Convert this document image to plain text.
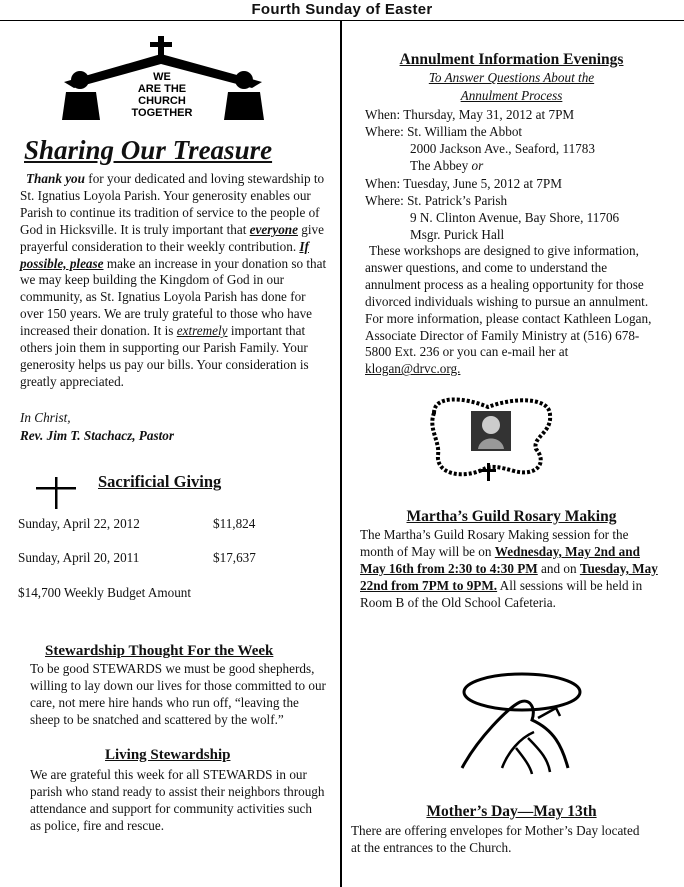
Fourth Sunday of Easter
WE
ARE THE
CHURCH
TOGETHER
Sharing Our Treasure
Thank you for your dedicated and loving stewardship to St. Ignatius Loyola Parish. Your generosity enables our Parish to continue its tradition of service to the people of God in Hicksville. It is truly important that everyone give prayerful consideration to their weekly contribution. If possible, please make an increase in your donation so that we may keep building the Kingdom of God in our community, as St. Ignatius Loyola Parish has done for over 150 years. We are truly grateful to those who have increased their donation. It is extremely important that others join them in supporting our Parish Family. Your generosity helps us pay our bills. Your consideration is greatly appreciated.
In Christ,
Rev. Jim T. Stachacz, Pastor
Sacrificial Giving
Sunday, April 22, 2012	$11,824
Sunday, April 20, 2011	$17,637
$14,700 Weekly Budget Amount
Stewardship Thought For the Week
To be good STEWARDS we must be good shepherds, willing to lay down our lives for those committed to our care, not mere hire hands who run off, “leaving the sheep to be snatched and scattered by the wolf.”
Living Stewardship
We are grateful this week for all STEWARDS in our parish who stand ready to assist their neighbors through attendance and support for community activities such as police, fire and rescue.
Annulment Information Evenings
To Answer Questions About the
Annulment Process
When: Thursday, May 31, 2012 at 7PM
Where: St. William the Abbot
2000 Jackson Ave., Seaford, 11783
The Abbey or
When: Tuesday, June 5, 2012 at 7PM
Where: St. Patrick’s Parish
9 N. Clinton Avenue, Bay Shore, 11706
Msgr. Purick Hall
These workshops are designed to give information, answer questions, and come to understand the annulment process as a healing opportunity for those divorced individuals wishing to pursue an annulment. For more information, please contact Kathleen Logan, Associate Director of Family Ministry at (516) 678-5800 Ext. 236 or you can e-mail her at klogan@drvc.org.
Martha’s Guild Rosary Making
The Martha’s Guild Rosary Making session for the month of May will be on Wednesday, May 2nd and May 16th from 2:30 to 4:30 PM and on Tuesday, May 22nd from 7PM to 9PM. All sessions will be held in Room B of the Old School Cafeteria.
Mother’s Day—May 13th
There are offering envelopes for Mother’s Day located at the entrances to the Church.
